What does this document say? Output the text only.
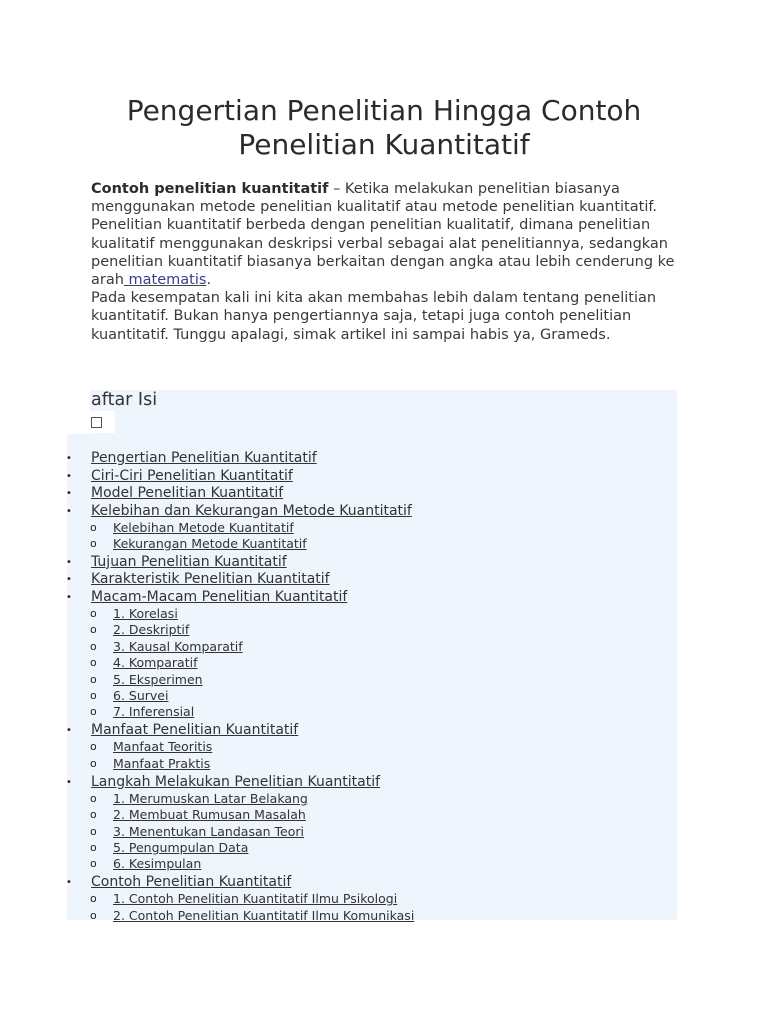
Pengertian Penelitian Hingga Contoh
Penelitian Kuantitatif

Contoh penelitian kuantitatif – Ketika melakukan penelitian biasanya menggunakan metode penelitian kualitatif atau metode penelitian kuantitatif. Penelitian kuantitatif berbeda dengan penelitian kualitatif, dimana penelitian kualitatif menggunakan deskripsi verbal sebagai alat penelitiannya, sedangkan penelitian kuantitatif biasanya berkaitan dengan angka atau lebih cenderung ke arah matematis.

Pada kesempatan kali ini kita akan membahas lebih dalam tentang penelitian kuantitatif. Bukan hanya pengertiannya saja, tetapi juga contoh penelitian kuantitatif. Tunggu apalagi, simak artikel ini sampai habis ya, Grameds.

aftar Isi
• Pengertian Penelitian Kuantitatif
• Ciri-Ciri Penelitian Kuantitatif
• Model Penelitian Kuantitatif
• Kelebihan dan Kekurangan Metode Kuantitatif
o Kelebihan Metode Kuantitatif
o Kekurangan Metode Kuantitatif
• Tujuan Penelitian Kuantitatif
• Karakteristik Penelitian Kuantitatif
• Macam-Macam Penelitian Kuantitatif
o 1. Korelasi
o 2. Deskriptif
o 3. Kausal Komparatif
o 4. Komparatif
o 5. Eksperimen
o 6. Survei
o 7. Inferensial
• Manfaat Penelitian Kuantitatif
o Manfaat Teoritis
o Manfaat Praktis
• Langkah Melakukan Penelitian Kuantitatif
o 1. Merumuskan Latar Belakang
o 2. Membuat Rumusan Masalah
o 3. Menentukan Landasan Teori
o 5. Pengumpulan Data
o 6. Kesimpulan
• Contoh Penelitian Kuantitatif
o 1. Contoh Penelitian Kuantitatif Ilmu Psikologi
o 2. Contoh Penelitian Kuantitatif Ilmu Komunikasi
